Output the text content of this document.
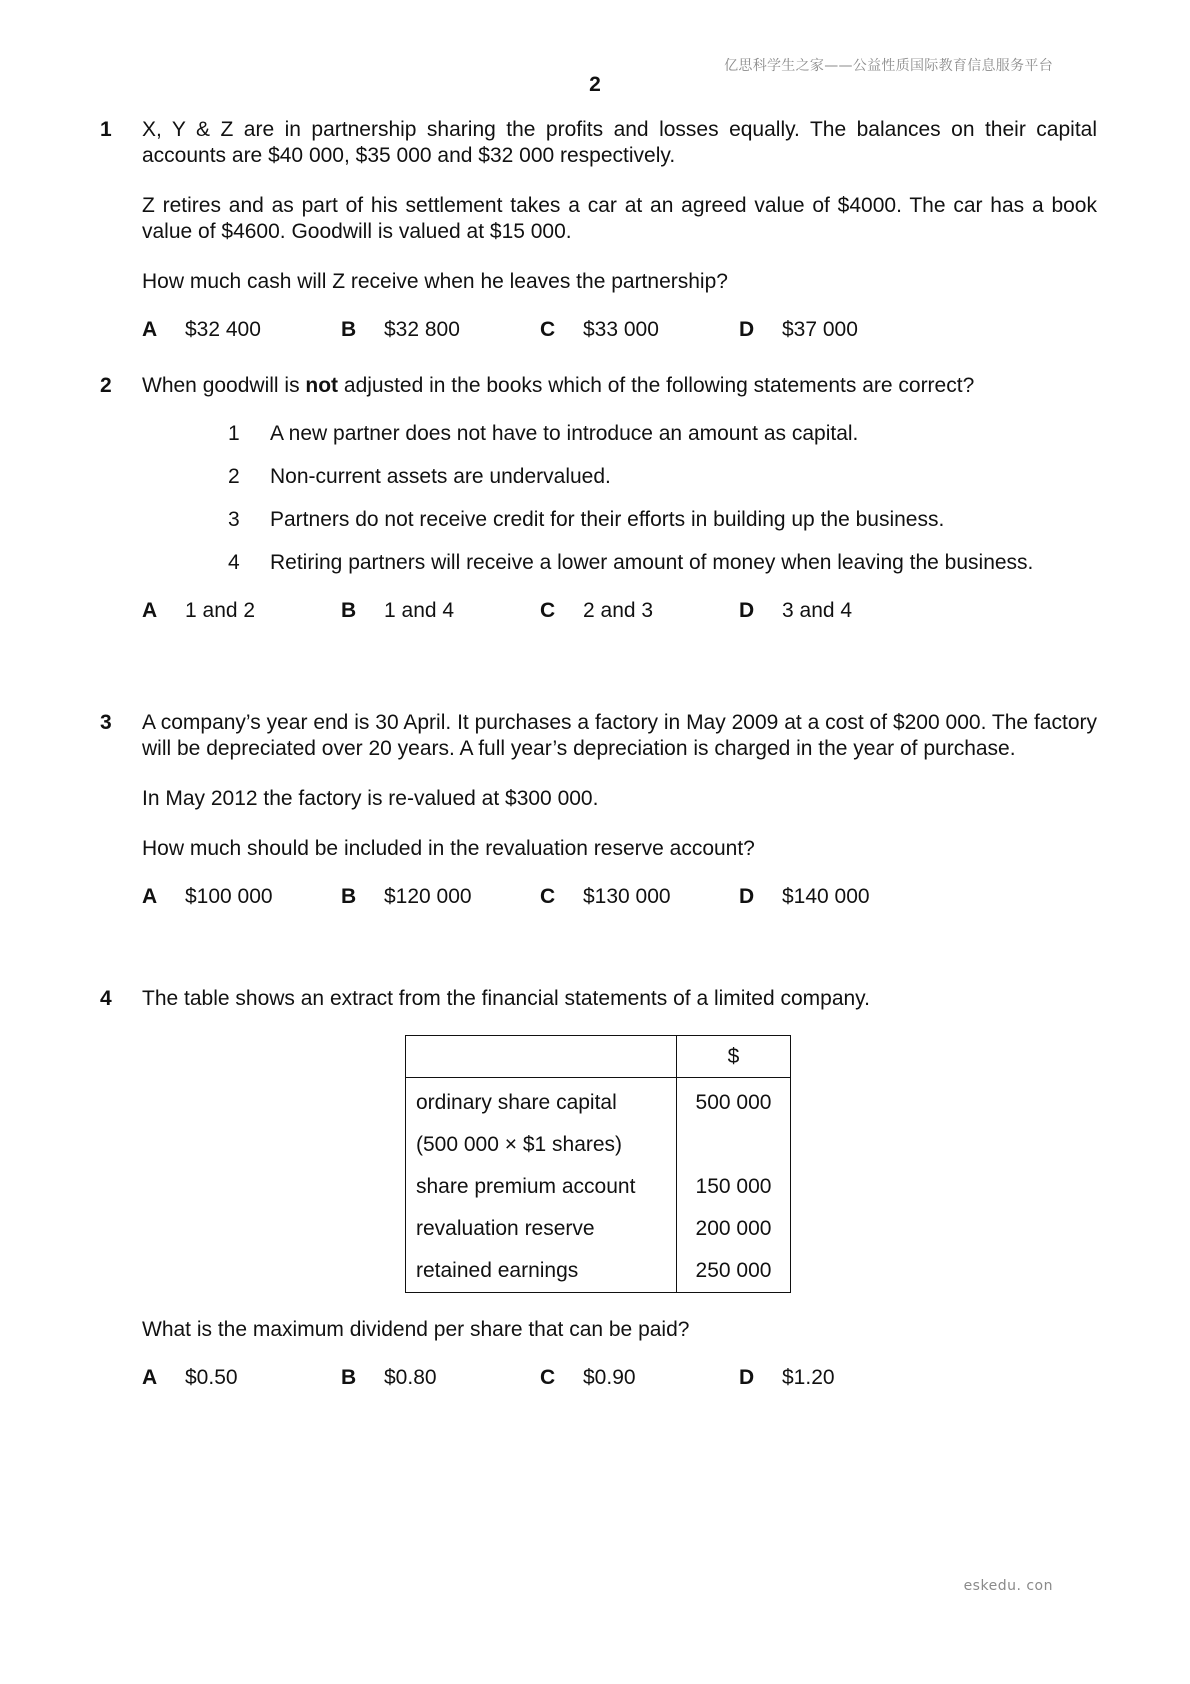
亿思科学生之家——公益性质国际教育信息服务平台
2
1	X, Y & Z are in partnership sharing the profits and losses equally. The balances on their capital accounts are $40 000, $35 000 and $32 000 respectively.

Z retires and as part of his settlement takes a car at an agreed value of $4000. The car has a book value of $4600. Goodwill is valued at $15 000.

How much cash will Z receive when he leaves the partnership?

A	$32 400	B	$32 800	C	$33 000	D	$37 000
2	When goodwill is not adjusted in the books which of the following statements are correct?

1	A new partner does not have to introduce an amount as capital.
2	Non-current assets are undervalued.
3	Partners do not receive credit for their efforts in building up the business.
4	Retiring partners will receive a lower amount of money when leaving the business.
A	1 and 2	B	1 and 4	C	2 and 3	D	3 and 4
3	A company’s year end is 30 April. It purchases a factory in May 2009 at a cost of $200 000. The factory will be depreciated over 20 years. A full year’s depreciation is charged in the year of purchase.

In May 2012 the factory is re-valued at $300 000.

How much should be included in the revaluation reserve account?

A	$100 000	B	$120 000	C	$130 000	D	$140 000
4	The table shows an extract from the financial statements of a limited company.

	$
ordinary share capital	500 000
(500 000 × $1 shares)	
share premium account	150 000
revaluation reserve	200 000
retained earnings	250 000

What is the maximum dividend per share that can be paid?

A	$0.50	B	$0.80	C	$0.90	D	$1.20
eskedu. con
